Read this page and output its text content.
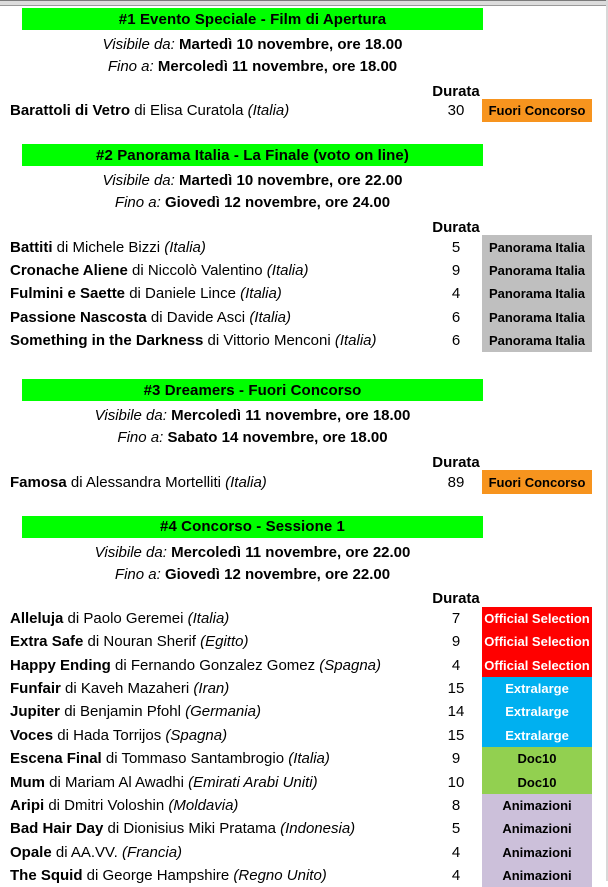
#1 Evento Speciale - Film di Apertura
Visibile da: Martedì 10 novembre, ore 18.00
Fino a: Mercoledì 11 novembre, ore 18.00
Durata
Barattoli di Vetro di Elisa Curatola (Italia)	30	Fuori Concorso
#2 Panorama Italia - La Finale (voto on line)
Visibile da: Martedì 10 novembre, ore 22.00
Fino a: Giovedì 12 novembre, ore 24.00
Durata
Battiti di Michele Bizzi (Italia)	5	Panorama Italia
Cronache Aliene di Niccolò Valentino (Italia)	9	Panorama Italia
Fulmini e Saette di Daniele Lince (Italia)	4	Panorama Italia
Passione Nascosta di Davide Asci (Italia)	6	Panorama Italia
Something in the Darkness di Vittorio Menconi (Italia)	6	Panorama Italia
#3 Dreamers - Fuori Concorso
Visibile da: Mercoledì 11 novembre, ore 18.00
Fino a: Sabato 14 novembre, ore 18.00
Durata
Famosa di Alessandra Mortelliti (Italia)	89	Fuori Concorso
#4 Concorso - Sessione 1
Visibile da: Mercoledì 11 novembre, ore 22.00
Fino a: Giovedì 12 novembre, ore 22.00
Durata
Alleluja di Paolo Geremei (Italia)	7	Official Selection
Extra Safe di Nouran Sherif (Egitto)	9	Official Selection
Happy Ending di Fernando Gonzalez Gomez (Spagna)	4	Official Selection
Funfair di Kaveh Mazaheri (Iran)	15	Extralarge
Jupiter di Benjamin Pfohl (Germania)	14	Extralarge
Voces di Hada Torrijos (Spagna)	15	Extralarge
Escena Final di Tommaso Santambrogio (Italia)	9	Doc10
Mum di Mariam Al Awadhi (Emirati Arabi Uniti)	10	Doc10
Aripi di Dmitri Voloshin (Moldavia)	8	Animazioni
Bad Hair Day di Dionisius Miki Pratama (Indonesia)	5	Animazioni
Opale di AA.VV. (Francia)	4	Animazioni
The Squid di George Hampshire (Regno Unito)	4	Animazioni
